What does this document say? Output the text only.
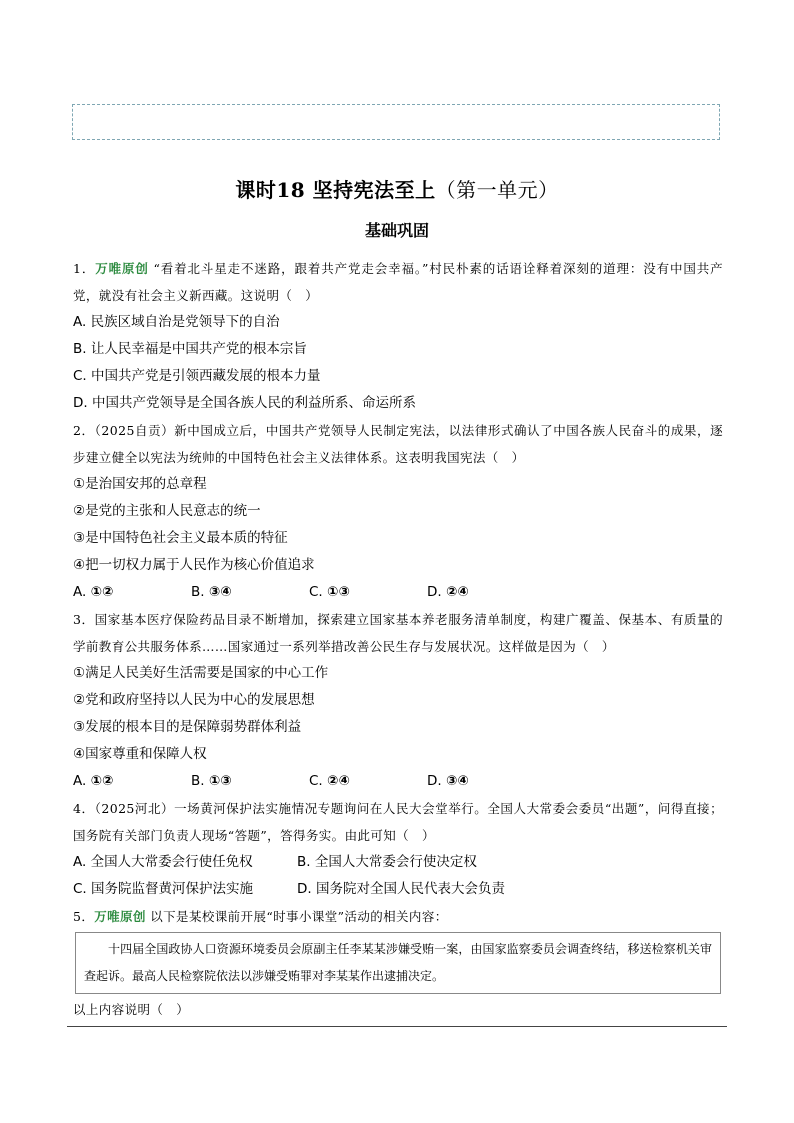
课时18 坚持宪法至上（第一单元）
基础巩固
1．万唯原创 “看着北斗星走不迷路，跟着共产党走会幸福。”村民朴素的话语诠释着深刻的道理：没有中国共产党，就没有社会主义新西藏。这说明（　）
A. 民族区域自治是党领导下的自治
B. 让人民幸福是中国共产党的根本宗旨
C. 中国共产党是引领西藏发展的根本力量
D. 中国共产党领导是全国各族人民的利益所系、命运所系
2．（2025自贡）新中国成立后，中国共产党领导人民制定宪法，以法律形式确认了中国各族人民奋斗的成果，逐步建立健全以宪法为统帅的中国特色社会主义法律体系。这表明我国宪法（　）
①是治国安邦的总章程
②是党的主张和人民意志的统一
③是中国特色社会主义最本质的特征
④把一切权力属于人民作为核心价值追求
A. ①②	B. ③④	C. ①③	D. ②④
3．国家基本医疗保险药品目录不断增加，探索建立国家基本养老服务清单制度，构建广覆盖、保基本、有质量的学前教育公共服务体系……国家通过一系列举措改善公民生存与发展状况。这样做是因为（　）
①满足人民美好生活需要是国家的中心工作
②党和政府坚持以人民为中心的发展思想
③发展的根本目的是保障弱势群体利益
④国家尊重和保障人权
A. ①②	B. ①③	C. ②④	D. ③④
4．（2025河北）一场黄河保护法实施情况专题询问在人民大会堂举行。全国人大常委会委员“出题”，问得直接；国务院有关部门负责人现场“答题”，答得务实。由此可知（　）
A. 全国人大常委会行使任免权	B. 全国人大常委会行使决定权
C. 国务院监督黄河保护法实施	D. 国务院对全国人民代表大会负责
5．万唯原创 以下是某校课前开展“时事小课堂”活动的相关内容：
十四届全国政协人口资源环境委员会原副主任李某某涉嫌受贿一案，由国家监察委员会调查终结，移送检察机关审查起诉。最高人民检察院依法以涉嫌受贿罪对李某某作出逮捕决定。
以上内容说明（　）
